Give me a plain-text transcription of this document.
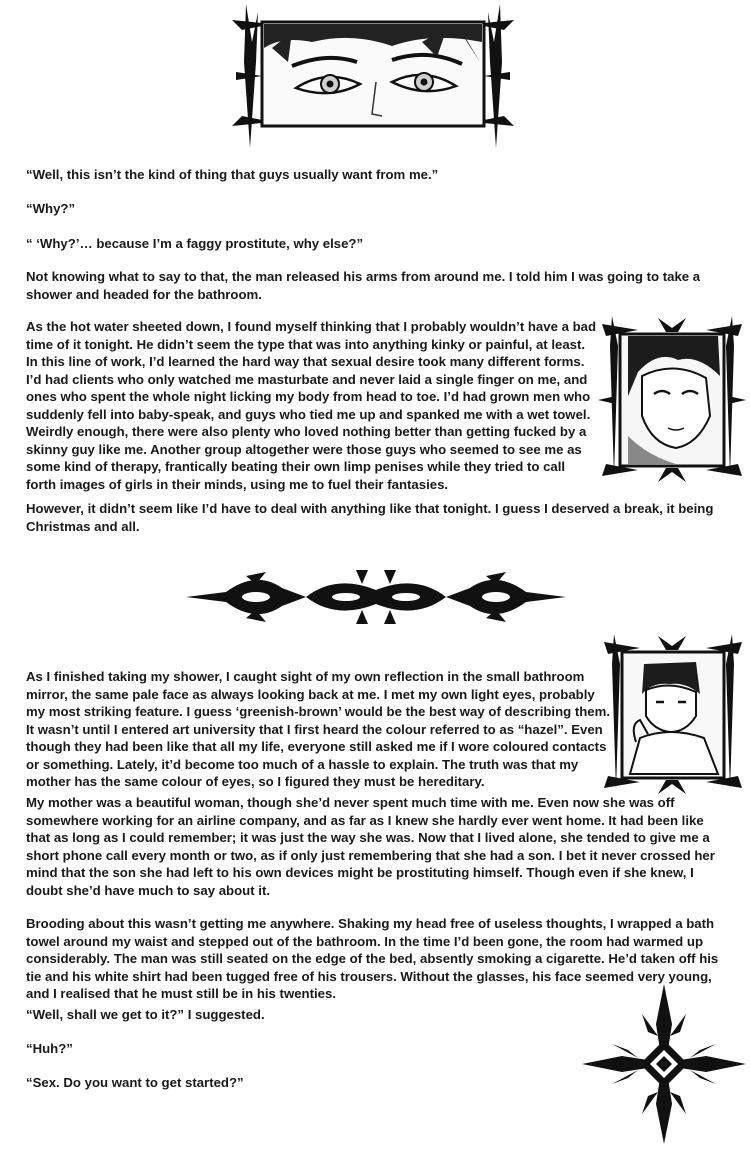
“Well, this isn’t the kind of thing that guys usually want from me.”

“Why?”

“ ‘Why?’… because I’m a faggy prostitute, why else?”

Not knowing what to say to that, the man released his arms from around me. I told him I was going to take a shower and headed for the bathroom.

As the hot water sheeted down, I found myself thinking that I probably wouldn’t have a bad time of it tonight. He didn’t seem the type that was into anything kinky or painful, at least. In this line of work, I’d learned the hard way that sexual desire took many different forms. I’d had clients who only watched me masturbate and never laid a single finger on me, and ones who spent the whole night licking my body from head to toe. I’d had grown men who suddenly fell into baby-speak, and guys who tied me up and spanked me with a wet towel. Weirdly enough, there were also plenty who loved nothing better than getting fucked by a skinny guy like me. Another group altogether were those guys who seemed to see me as some kind of therapy, frantically beating their own limp penises while they tried to call forth images of girls in their minds, using me to fuel their fantasies.

However, it didn’t seem like I’d have to deal with anything like that tonight. I guess I deserved a break, it being Christmas and all.

As I finished taking my shower, I caught sight of my own reflection in the small bathroom mirror, the same pale face as always looking back at me. I met my own light eyes, probably my most striking feature. I guess ‘greenish-brown’ would be the best way of describing them. It wasn’t until I entered art university that I first heard the colour referred to as “hazel”. Even though they had been like that all my life, everyone still asked me if I wore coloured contacts or something. Lately, it’d become too much of a hassle to explain. The truth was that my mother has the same colour of eyes, so I figured they must be hereditary.

My mother was a beautiful woman, though she’d never spent much time with me. Even now she was off somewhere working for an airline company, and as far as I knew she hardly ever went home. It had been like that as long as I could remember; it was just the way she was. Now that I lived alone, she tended to give me a short phone call every month or two, as if only just remembering that she had a son. I bet it never crossed her mind that the son she had left to his own devices might be prostituting himself. Though even if she knew, I doubt she’d have much to say about it.

Brooding about this wasn’t getting me anywhere. Shaking my head free of useless thoughts, I wrapped a bath towel around my waist and stepped out of the bathroom. In the time I’d been gone, the room had warmed up considerably. The man was still seated on the edge of the bed, absently smoking a cigarette. He’d taken off his tie and his white shirt had been tugged free of his trousers. Without the glasses, his face seemed very young, and I realised that he must still be in his twenties.

“Well, shall we get to it?” I suggested.

“Huh?”

“Sex. Do you want to get started?”
